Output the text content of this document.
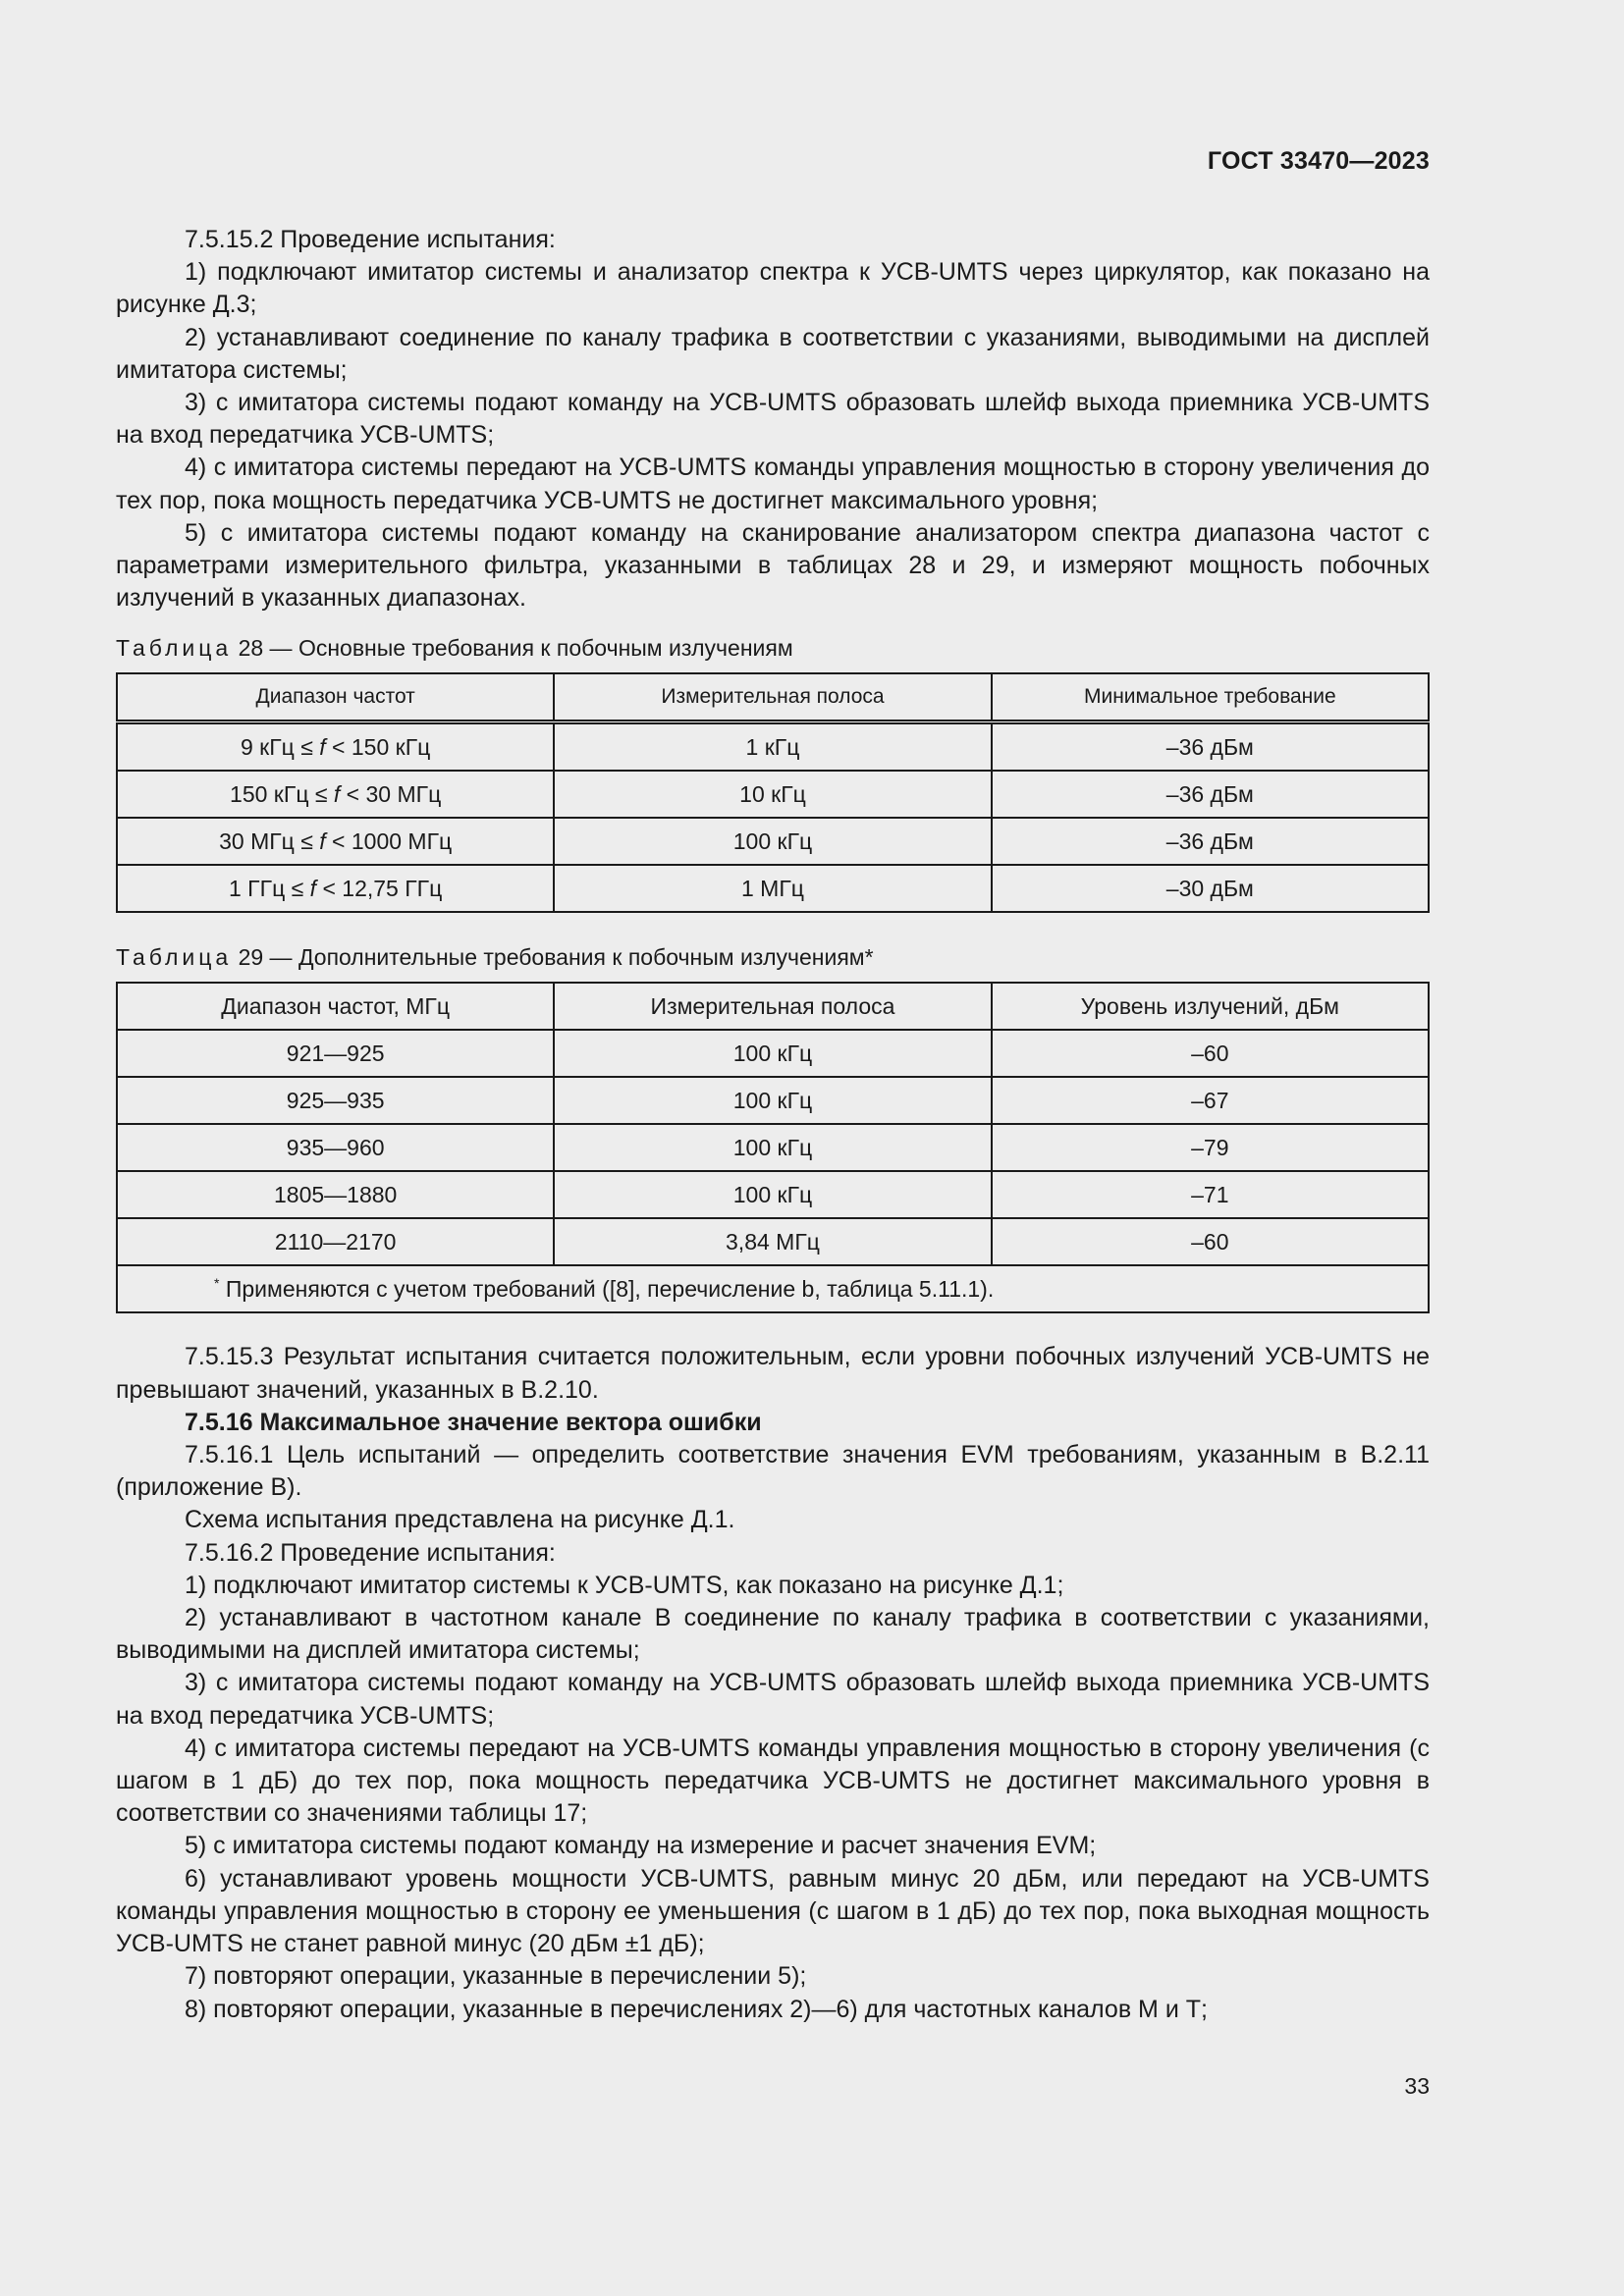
ГОСТ 33470—2023

7.5.15.2 Проведение испытания:

1) подключают имитатор системы и анализатор спектра к УСВ-UMTS через циркулятор, как показано на рисунке Д.3;

2) устанавливают соединение по каналу трафика в соответствии с указаниями, выводимыми на дисплей имитатора системы;

3) с имитатора системы подают команду на УСВ-UMTS образовать шлейф выхода приемника УСВ-UMTS на вход передатчика УСВ-UMTS;

4) с имитатора системы передают на УСВ-UMTS команды управления мощностью в сторону увеличения до тех пор, пока мощность передатчика УСВ-UMTS не достигнет максимального уровня;

5) с имитатора системы подают команду на сканирование анализатором спектра диапазона частот с параметрами измерительного фильтра, указанными в таблицах 28 и 29, и измеряют мощность побочных излучений в указанных диапазонах.

Таблица 28 — Основные требования к побочным излучениям

Диапазон частот	Измерительная полоса	Минимальное требование
9 кГц ≤ f < 150 кГц	1 кГц	–36 дБм
150 кГц ≤ f < 30 МГц	10 кГц	–36 дБм
30 МГц ≤ f < 1000 МГц	100 кГц	–36 дБм
1 ГГц ≤ f < 12,75 ГГц	1 МГц	–30 дБм

Таблица 29 — Дополнительные требования к побочным излучениям*

Диапазон частот, МГц	Измерительная полоса	Уровень излучений, дБм
921—925	100 кГц	–60
925—935	100 кГц	–67
935—960	100 кГц	–79
1805—1880	100 кГц	–71
2110—2170	3,84 МГц	–60
* Применяются с учетом требований ([8], перечисление b, таблица 5.11.1).		

7.5.15.3 Результат испытания считается положительным, если уровни побочных излучений УСВ-UMTS не превышают значений, указанных в В.2.10.

7.5.16 Максимальное значение вектора ошибки

7.5.16.1 Цель испытаний — определить соответствие значения EVM требованиям, указанным в В.2.11 (приложение В).

Схема испытания представлена на рисунке Д.1.

7.5.16.2 Проведение испытания:

1) подключают имитатор системы к УСВ-UMTS, как показано на рисунке Д.1;

2) устанавливают в частотном канале В соединение по каналу трафика в соответствии с указаниями, выводимыми на дисплей имитатора системы;

3) с имитатора системы подают команду на УСВ-UMTS образовать шлейф выхода приемника УСВ-UMTS на вход передатчика УСВ-UMTS;

4) с имитатора системы передают на УСВ-UMTS команды управления мощностью в сторону увеличения (с шагом в 1 дБ) до тех пор, пока мощность передатчика УСВ-UMTS не достигнет максимального уровня в соответствии со значениями таблицы 17;

5) с имитатора системы подают команду на измерение и расчет значения EVM;

6) устанавливают уровень мощности УСВ-UMTS, равным минус 20 дБм, или передают на УСВ-UMTS команды управления мощностью в сторону ее уменьшения (с шагом в 1 дБ) до тех пор, пока выходная мощность УСВ-UMTS не станет равной минус (20 дБм ±1 дБ);

7) повторяют операции, указанные в перечислении 5);

8) повторяют операции, указанные в перечислениях 2)—6) для частотных каналов М и Т;

33
